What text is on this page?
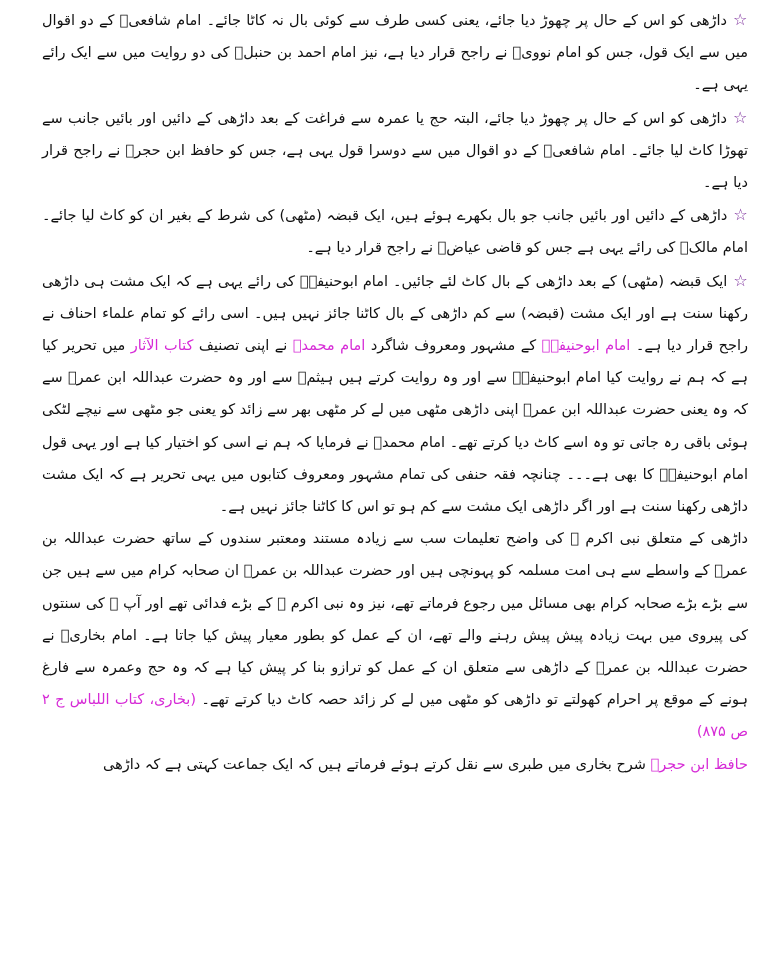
☆داڑھی کو اس کے حال پر چھوڑ دیا جائے، یعنی کسی طرف سے کوئی بال نہ کاٹا جائے۔ امام شافعیؒ کے دو اقوال میں سے ایک قول، جس کو امام نوویؒ نے راجح قرار دیا ہے، نیز امام احمد بن حنبلؒ کی دو روایت میں سے ایک رائے یہی ہے۔

☆داڑھی کو اس کے حال پر چھوڑ دیا جائے، البتہ حج یا عمرہ سے فراغت کے بعد داڑھی کے دائیں اور بائیں جانب سے تھوڑا کاٹ لیا جائے۔ امام شافعیؒ کے دو اقوال میں سے دوسرا قول یہی ہے، جس کو حافظ ابن حجرؒ نے راجح قرار دیا ہے۔

☆داڑھی کے دائیں اور بائیں جانب جو بال بکھرے ہوئے ہیں، ایک قبضہ (مٹھی) کی شرط کے بغیر ان کو کاٹ لیا جائے۔ امام مالکؒ کی رائے یہی ہے جس کو قاضی عیاضؒ نے راجح قرار دیا ہے۔

☆ایک قبضہ (مٹھی) کے بعد داڑھی کے بال کاٹ لئے جائیں۔ امام ابوحنیفہؒ کی رائے یہی ہے کہ ایک مشت ہی داڑھی رکھنا سنت ہے اور ایک مشت (قبضہ) سے کم داڑھی کے بال کاٹنا جائز نہیں ہیں۔ اسی رائے کو تمام علماء احناف نے راجح قرار دیا ہے۔ امام ابوحنیفہؒ کے مشہور ومعروف شاگرد امام محمدؒ نے اپنی تصنیف کتاب الآثار میں تحریر کیا ہے کہ ہم نے روایت کیا امام ابوحنیفہؒ سے اور وہ روایت کرتے ہیں ہیثمؒ سے اور وہ حضرت عبداللہ ابن عمرؓ سے کہ وہ یعنی حضرت عبداللہ ابن عمرؓ اپنی داڑھی مٹھی میں لے کر مٹھی بھر سے زائد کو یعنی جو مٹھی سے نیچے لٹکی ہوئی باقی رہ جاتی تو وہ اسے کاٹ دیا کرتے تھے۔ امام محمدؒ نے فرمایا کہ ہم نے اسی کو اختیار کیا ہے اور یہی قول امام ابوحنیفہؒ کا بھی ہے۔۔۔ چنانچہ فقہ حنفی کی تمام مشہور ومعروف کتابوں میں یہی تحریر ہے کہ ایک مشت داڑھی رکھنا سنت ہے اور اگر داڑھی ایک مشت سے کم ہو تو اس کا کاٹنا جائز نہیں ہے۔

داڑھی کے متعلق نبی اکرم ﷺ کی واضح تعلیمات سب سے زیادہ مستند ومعتبر سندوں کے ساتھ حضرت عبداللہ بن عمرؓ کے واسطے سے ہی امت مسلمہ کو پہونچی ہیں اور حضرت عبداللہ بن عمرؓ ان صحابہ کرام میں سے ہیں جن سے بڑے بڑے صحابہ کرام بھی مسائل میں رجوع فرماتے تھے، نیز وہ نبی اکرم ﷺ کے بڑے فدائی تھے اور آپ ﷺ کی سنتوں کی پیروی میں بہت زیادہ پیش پیش رہنے والے تھے، ان کے عمل کو بطور معیار پیش کیا جاتا ہے۔ امام بخاریؒ نے حضرت عبداللہ بن عمرؓ کے داڑھی سے متعلق ان کے عمل کو ترازو بنا کر پیش کیا ہے کہ وہ حج وعمرہ سے فارغ ہونے کے موقع پر احرام کھولتے تو داڑھی کو مٹھی میں لے کر زائد حصہ کاٹ دیا کرتے تھے۔ (بخاری، کتاب اللباس ج ۲ ص ۸۷۵)

حافظ ابن حجرؒ شرح بخاری میں طبری سے نقل کرتے ہوئے فرماتے ہیں کہ ایک جماعت کہتی ہے کہ داڑھی
